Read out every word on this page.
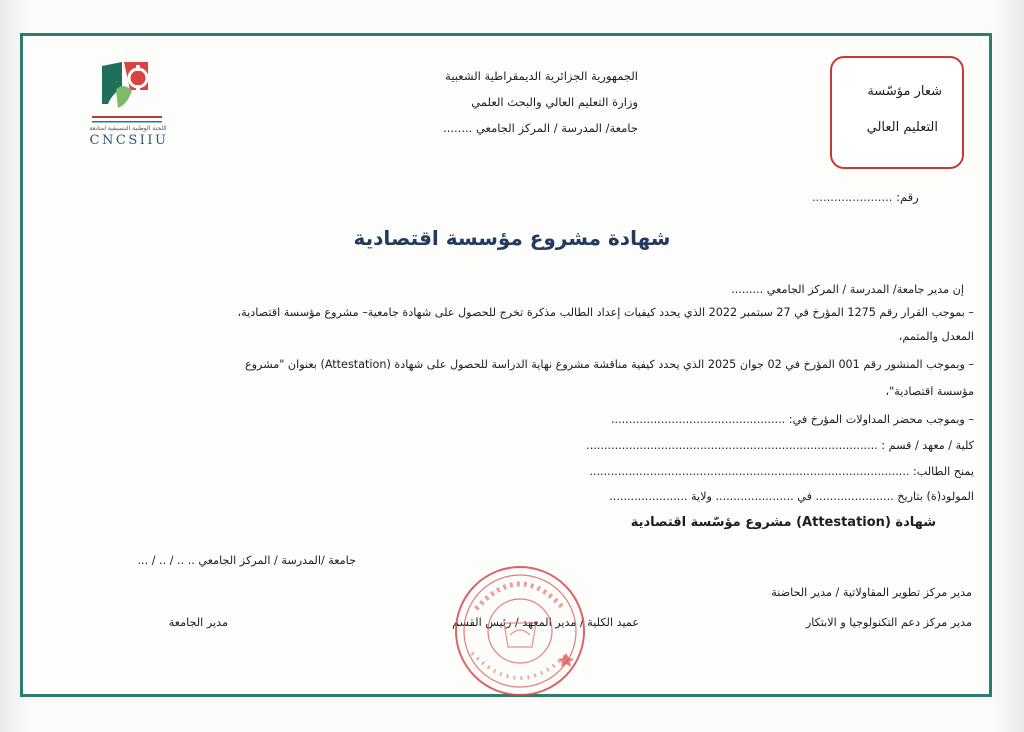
اللجنة الوطنية التنسيقية لمتابعة
CNCSIIU
الجمهورية الجزائرية الديمقراطية الشعبية
وزارة التعليم العالي والبحث العلمي
جامعة/ المدرسة / المركز الجامعي ........
شعار مؤسّسة
التعليم العالي
رقم: ......................
شهادة مشروع مؤسسة اقتصادية
إن مدير جامعة/ المدرسة / المركز الجامعي .........
– بموجب القرار رقم 1275 المؤرخ في 27 سبتمبر 2022 الذي يحدد كيفيات إعداد الطالب مذكرة تخرج للحصول على شهادة جامعية– مشروع مؤسسة اقتصادية،
المعدل والمتمم،
– وبموجب المنشور رقم 001 المؤرخ في 02 جوان 2025 الذي يحدد كيفية مناقشة مشروع نهاية الدراسة للحصول على شهادة (Attestation) بعنوان "مشروع
مؤسسة اقتصادية"،
– وبموجب محضر المداولات المؤرخ في: .................................................
كلية / معهد / قسم : ..................................................................................
يمنح الطالب: ..........................................................................................
المولود(ة) بتاريخ ...................... في ...................... ولاية ......................
شهادة (Attestation) مشروع مؤسّسة اقتصادية
جامعة /المدرسة / المركز الجامعي .. .. / .. / ...
مدير مركز تطوير المقاولاتية / مدير الحاضنة
مدير مركز دعم التكنولوجيا و الابتكار
عميد الكلية / مدير المعهد / رئيس القسم
مدير الجامعة
